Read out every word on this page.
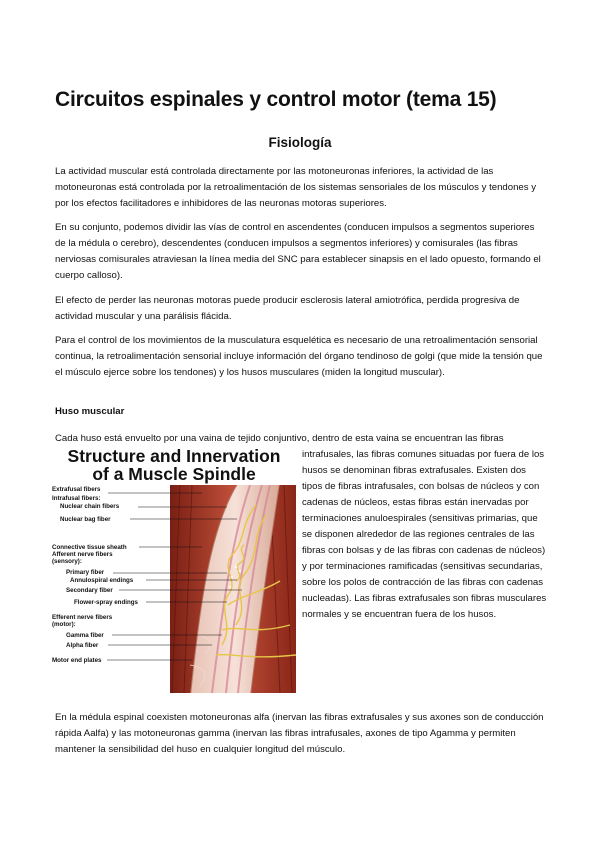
Circuitos espinales y control motor (tema 15)
Fisiología

La actividad muscular está controlada directamente por las motoneuronas inferiores, la actividad de las motoneuronas está controlada por la retroalimentación de los sistemas sensoriales de los músculos y tendones y por los efectos facilitadores e inhibidores de las neuronas motoras superiores.

En su conjunto, podemos dividir las vías de control en ascendentes (conducen impulsos a segmentos superiores de la médula o cerebro), descendentes (conducen impulsos a segmentos inferiores) y comisurales (las fibras nerviosas comisurales atraviesan la línea media del SNC para establecer sinapsis en el lado opuesto, formando el cuerpo calloso).

El efecto de perder las neuronas motoras puede producir esclerosis lateral amiotrófica, perdida progresiva de actividad muscular y una parálisis flácida.

Para el control de los movimientos de la musculatura esquelética es necesario de una retroalimentación sensorial continua, la retroalimentación sensorial incluye información del órgano tendinoso de golgi (que mide la tensión que el músculo ejerce sobre los tendones) y los husos musculares (miden la longitud muscular).

Huso muscular

Cada huso está envuelto por una vaina de tejido conjuntivo, dentro de esta vaina se encuentran las fibras

Structure and Innervation
of a Muscle Spindle
Extrafusal fibers
Intrafusal fibers:
Nuclear chain fibers
Nuclear bag fiber
Connective tissue sheath
Afferent nerve fibers
(sensory):
Primary fiber
Annulospiral endings
Secondary fiber
Flower-spray endings
Efferent nerve fibers
(motor):
Gamma fiber
Alpha fiber
Motor end plates

intrafusales, las fibras comunes situadas por fuera de los husos se denominan fibras extrafusales. Existen dos tipos de fibras intrafusales, con bolsas de núcleos y con cadenas de núcleos, estas fibras están inervadas por terminaciones anuloespirales (sensitivas primarias, que se disponen alrededor de las regiones centrales de las fibras con bolsas y de las fibras con cadenas de núcleos) y por terminaciones ramificadas (sensitivas secundarias, sobre los polos de contracción de las fibras con cadenas nucleadas). Las fibras extrafusales son fibras musculares normales y se encuentran fuera de los husos.

En la médula espinal coexisten motoneuronas alfa (inervan las fibras extrafusales y sus axones son de conducción rápida Aalfa) y las motoneuronas gamma (inervan las fibras intrafusales, axones de tipo Agamma y permiten mantener la sensibilidad del huso en cualquier longitud del músculo.
